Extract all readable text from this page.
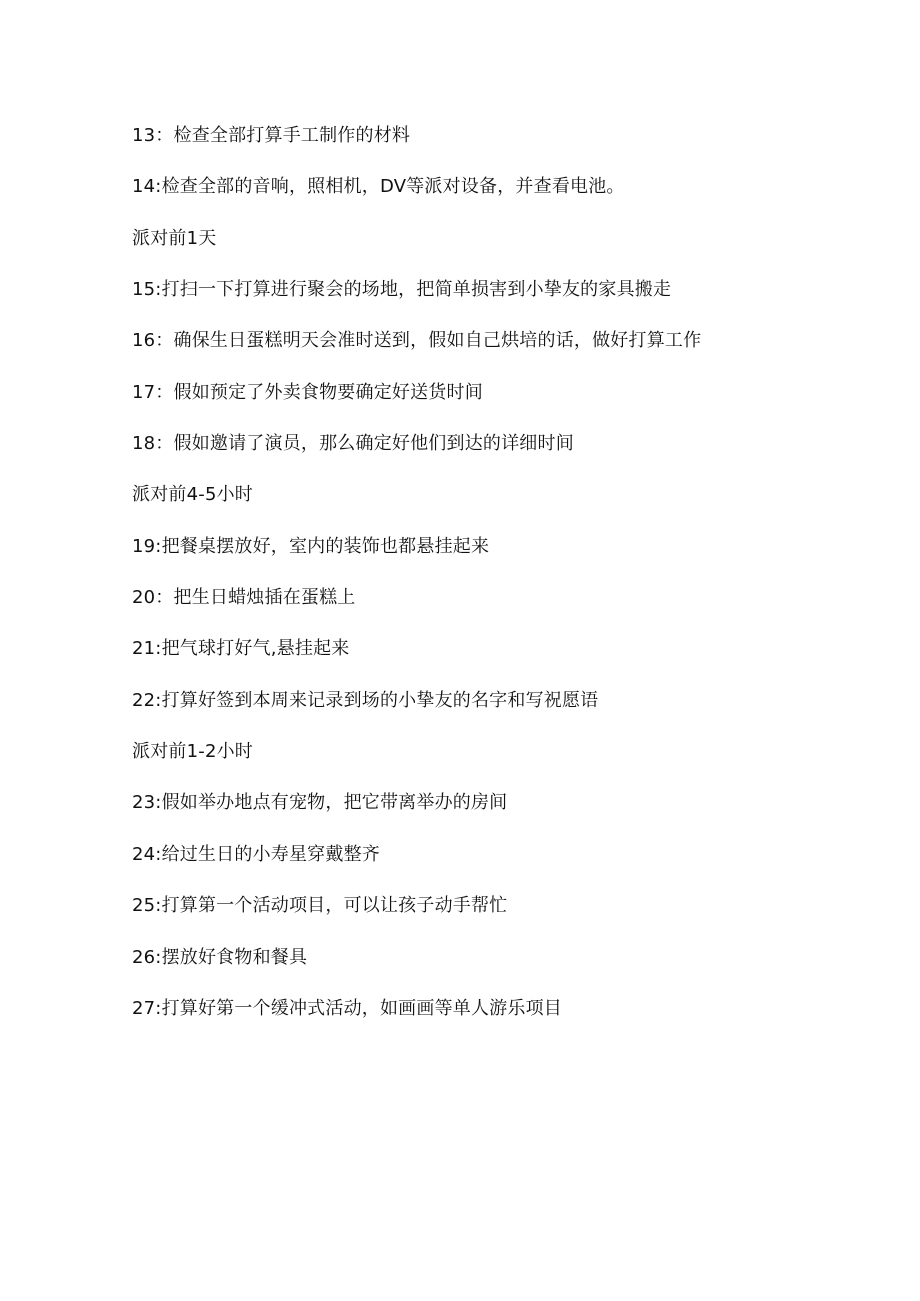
13：检查全部打算手工制作的材料
14:检查全部的音响，照相机，DV等派对设备，并查看电池。
派对前1天
15:打扫一下打算进行聚会的场地，把简单损害到小挚友的家具搬走
16：确保生日蛋糕明天会准时送到，假如自己烘培的话，做好打算工作
17：假如预定了外卖食物要确定好送货时间
18：假如邀请了演员，那么确定好他们到达的详细时间
派对前4-5小时
19:把餐桌摆放好，室内的装饰也都悬挂起来
20：把生日蜡烛插在蛋糕上
21:把气球打好气,悬挂起来
22:打算好签到本周来记录到场的小挚友的名字和写祝愿语
派对前1-2小时
23:假如举办地点有宠物，把它带离举办的房间
24:给过生日的小寿星穿戴整齐
25:打算第一个活动项目，可以让孩子动手帮忙
26:摆放好食物和餐具
27:打算好第一个缓冲式活动，如画画等单人游乐项目
